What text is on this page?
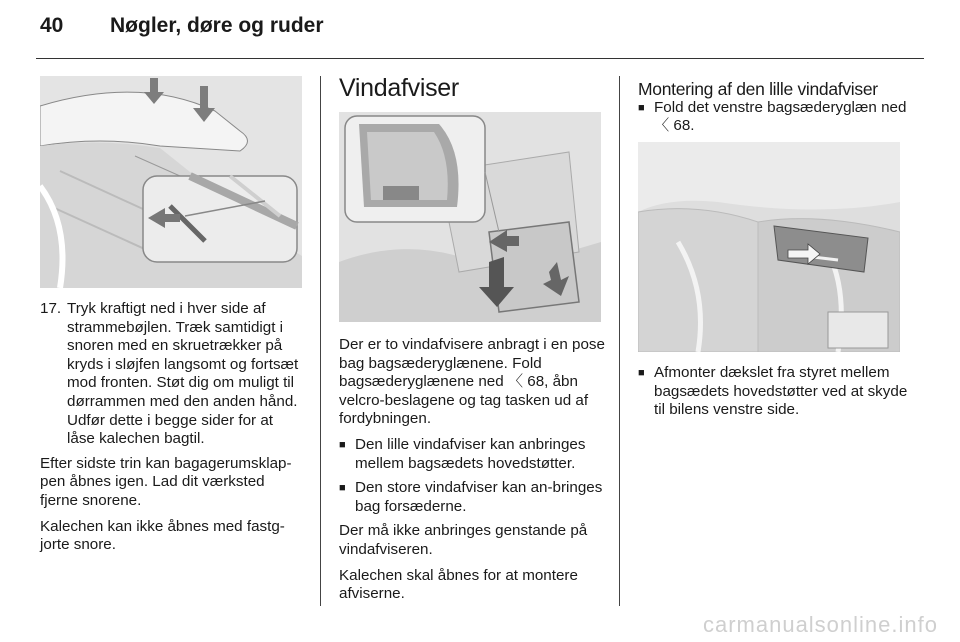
40 Nøgler, døre og ruder
17. Tryk kraftigt ned i hver side af strammebøjlen. Træk samtidigt i snoren med en skruetrækker på kryds i sløjfen langsomt og fortsæt mod fronten. Støt dig om muligt til dørrammen med den anden hånd. Udfør dette i begge sider for at låse kalechen bagtil.

Efter sidste trin kan bagagerumsklap-pen åbnes igen. Lad dit værksted fjerne snorene.

Kalechen kan ikke åbnes med fastg-jorte snore.

Vindafviser

Der er to vindafvisere anbragt i en pose bag bagsæderyglænene. Fold bagsæderyglænene ned 〈 68, åbn velcro-beslagene og tag tasken ud af fordybningen.

■ Den lille vindafviser kan anbringes mellem bagsædets hovedstøtter.
■ Den store vindafviser kan an-bringes bag forsæderne.

Der må ikke anbringes genstande på vindafviseren.

Kalechen skal åbnes for at montere afviserne.

Montering af den lille vindafviser
■ Fold det venstre bagsæderyglæn ned 〈 68.
■ Afmonter dækslet fra styret mellem bagsædets hovedstøtter ved at skyde til bilens venstre side.
carmanualsonline.info
